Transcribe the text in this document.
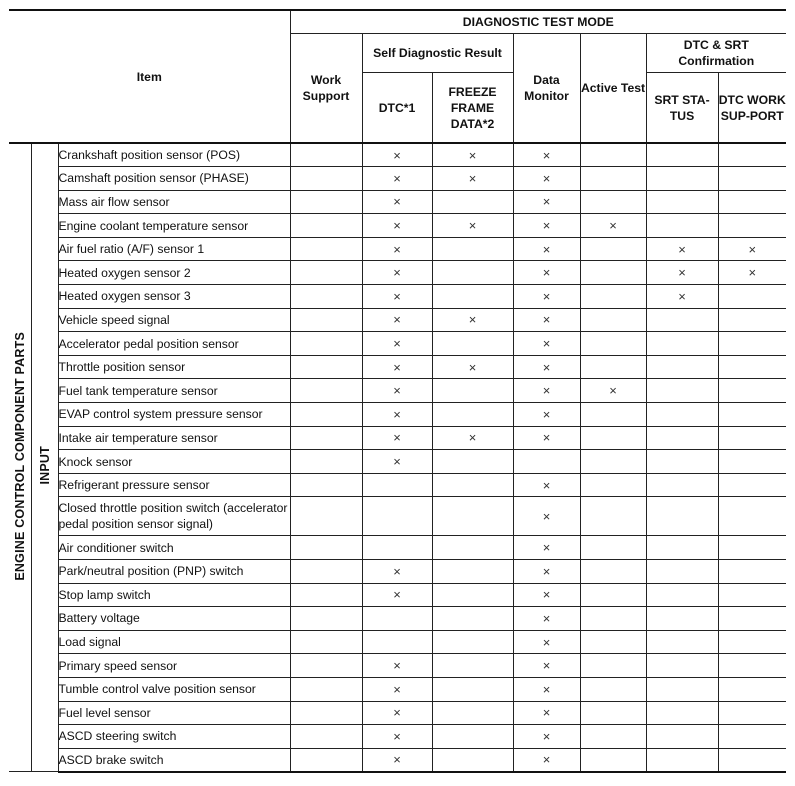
Item			DIAGNOSTIC TEST MODE						
			Work Support	Self Diagnostic Result		Data Monitor	Active Test	DTC & SRT Confirmation	
				DTC*1	FREEZE FRAME DATA*2			SRT STA-TUS	DTC WORK SUP-PORT
ENGINE CONTROL COMPONENT PARTS	INPUT	Crankshaft position sensor (POS)		×	×	×			
		Camshaft position sensor (PHASE)		×	×	×			
		Mass air flow sensor		×		×			
		Engine coolant temperature sensor		×	×	×	×		
		Air fuel ratio (A/F) sensor 1		×		×		×	×
		Heated oxygen sensor 2		×		×		×	×
		Heated oxygen sensor 3		×		×		×	
		Vehicle speed signal		×	×	×			
		Accelerator pedal position sensor		×		×			
		Throttle position sensor		×	×	×			
		Fuel tank temperature sensor		×		×	×		
		EVAP control system pressure sensor		×		×			
		Intake air temperature sensor		×	×	×			
		Knock sensor		×					
		Refrigerant pressure sensor				×			
		Closed throttle position switch (accelerator pedal position sensor signal)				×			
		Air conditioner switch				×			
		Park/neutral position (PNP) switch		×		×			
		Stop lamp switch		×		×			
		Battery voltage				×			
		Load signal				×			
		Primary speed sensor		×		×			
		Tumble control valve position sensor		×		×			
		Fuel level sensor		×		×			
		ASCD steering switch		×		×			
		ASCD brake switch		×		×			
